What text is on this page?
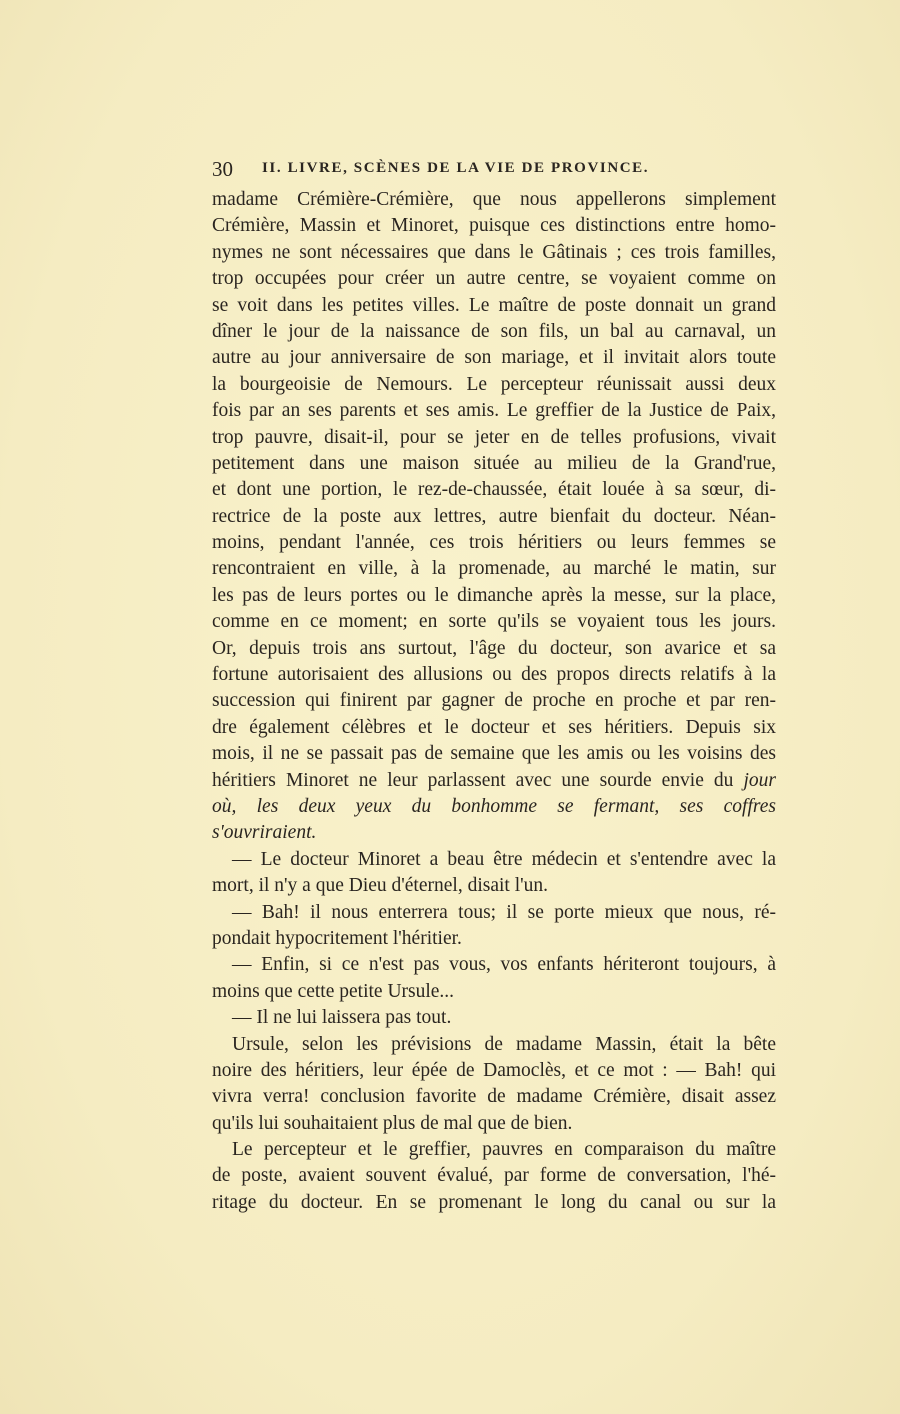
30 II. LIVRE, SCÈNES DE LA VIE DE PROVINCE.
madame Crémière-Crémière, que nous appellerons simplement
Crémière, Massin et Minoret, puisque ces distinctions entre homo-
nymes ne sont nécessaires que dans le Gâtinais ; ces trois familles,
trop occupées pour créer un autre centre, se voyaient comme on
se voit dans les petites villes. Le maître de poste donnait un grand
dîner le jour de la naissance de son fils, un bal au carnaval, un
autre au jour anniversaire de son mariage, et il invitait alors toute
la bourgeoisie de Nemours. Le percepteur réunissait aussi deux
fois par an ses parents et ses amis. Le greffier de la Justice de Paix,
trop pauvre, disait-il, pour se jeter en de telles profusions, vivait
petitement dans une maison située au milieu de la Grand'rue,
et dont une portion, le rez-de-chaussée, était louée à sa sœur, di-
rectrice de la poste aux lettres, autre bienfait du docteur. Néan-
moins, pendant l'année, ces trois héritiers ou leurs femmes se
rencontraient en ville, à la promenade, au marché le matin, sur
les pas de leurs portes ou le dimanche après la messe, sur la place,
comme en ce moment; en sorte qu'ils se voyaient tous les jours.
Or, depuis trois ans surtout, l'âge du docteur, son avarice et sa
fortune autorisaient des allusions ou des propos directs relatifs à la
succession qui finirent par gagner de proche en proche et par ren-
dre également célèbres et le docteur et ses héritiers. Depuis six
mois, il ne se passait pas de semaine que les amis ou les voisins des
héritiers Minoret ne leur parlassent avec une sourde envie du jour
où, les deux yeux du bonhomme se fermant, ses coffres
s'ouvriraient.
— Le docteur Minoret a beau être médecin et s'entendre avec la
mort, il n'y a que Dieu d'éternel, disait l'un.
— Bah! il nous enterrera tous; il se porte mieux que nous, ré-
pondait hypocritement l'héritier.
— Enfin, si ce n'est pas vous, vos enfants hériteront toujours, à
moins que cette petite Ursule...
— Il ne lui laissera pas tout.
Ursule, selon les prévisions de madame Massin, était la bête
noire des héritiers, leur épée de Damoclès, et ce mot : — Bah! qui
vivra verra! conclusion favorite de madame Crémière, disait assez
qu'ils lui souhaitaient plus de mal que de bien.
Le percepteur et le greffier, pauvres en comparaison du maître
de poste, avaient souvent évalué, par forme de conversation, l'hé-
ritage du docteur. En se promenant le long du canal ou sur la
